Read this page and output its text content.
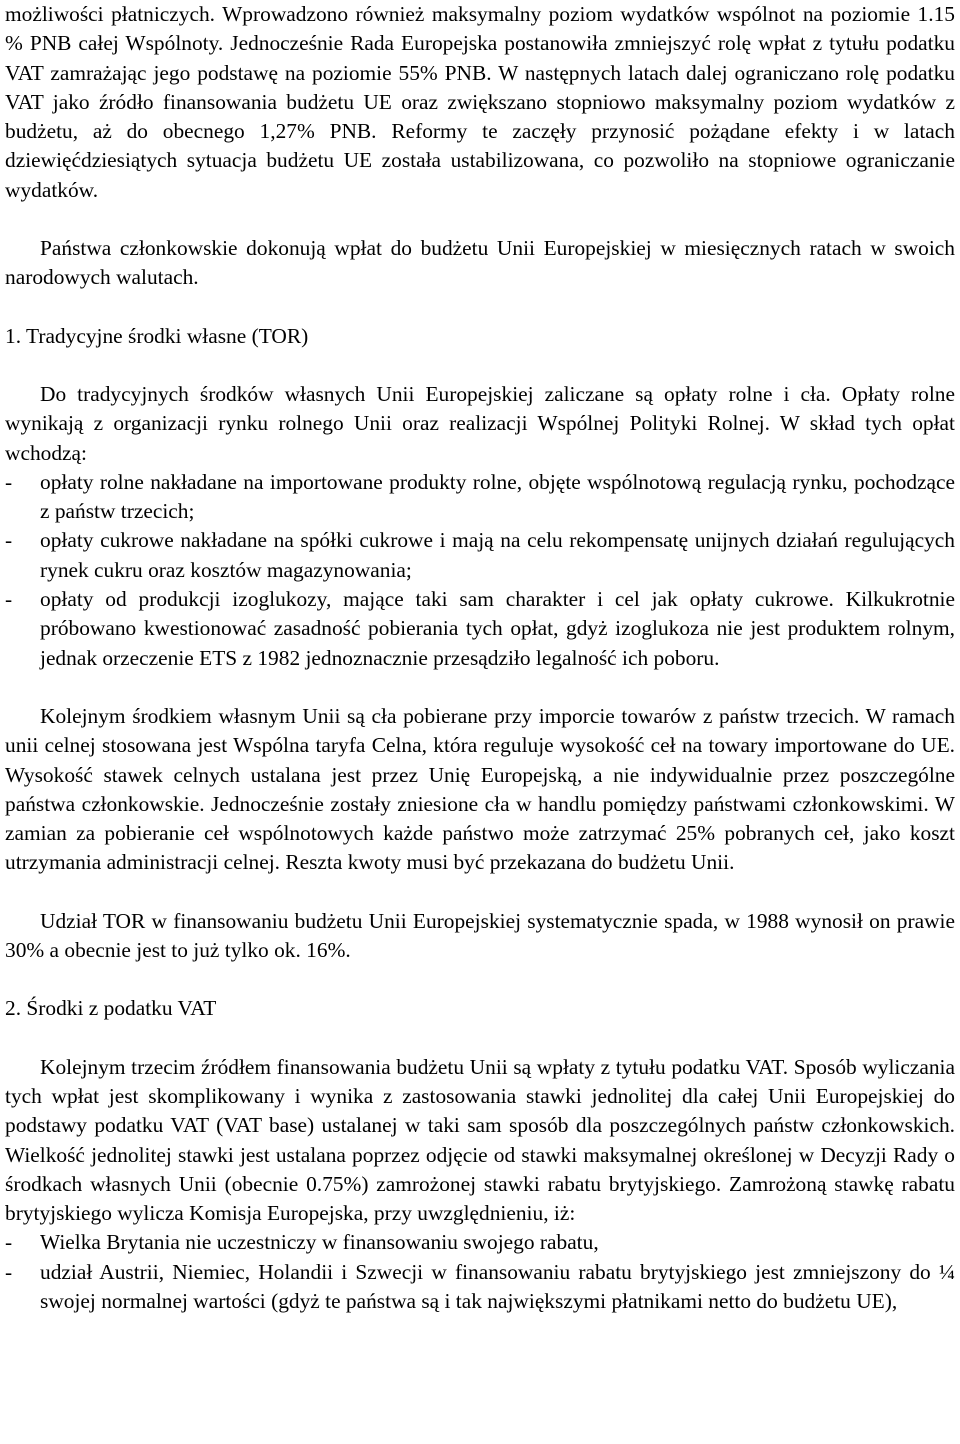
możliwości płatniczych. Wprowadzono również maksymalny poziom wydatków wspólnot na poziomie 1.15 % PNB całej Wspólnoty. Jednocześnie Rada Europejska postanowiła zmniejszyć rolę wpłat z tytułu podatku VAT zamrażając jego podstawę na poziomie 55% PNB. W następnych latach dalej ograniczano rolę podatku VAT jako źródło finansowania budżetu UE oraz zwiększano stopniowo maksymalny poziom wydatków z budżetu, aż do obecnego 1,27% PNB. Reformy te zaczęły przynosić pożądane efekty i w latach dziewięćdziesiątych sytuacja budżetu UE została ustabilizowana, co pozwoliło na stopniowe ograniczanie wydatków.

Państwa członkowskie dokonują wpłat do budżetu Unii Europejskiej w miesięcznych ratach w swoich narodowych walutach.

1. Tradycyjne środki własne (TOR)

Do tradycyjnych środków własnych Unii Europejskiej zaliczane są opłaty rolne i cła. Opłaty rolne wynikają z organizacji rynku rolnego Unii oraz realizacji Wspólnej Polityki Rolnej. W skład tych opłat wchodzą:

- opłaty rolne nakładane na importowane produkty rolne, objęte wspólnotową regulacją rynku, pochodzące z państw trzecich;
- opłaty cukrowe nakładane na spółki cukrowe i mają na celu rekompensatę unijnych działań regulujących rynek cukru oraz kosztów magazynowania;
- opłaty od produkcji izoglukozy, mające taki sam charakter i cel jak opłaty cukrowe. Kilkukrotnie próbowano kwestionować zasadność pobierania tych opłat, gdyż izoglukoza nie jest produktem rolnym, jednak orzeczenie ETS z 1982 jednoznacznie przesądziło legalność ich poboru.

Kolejnym środkiem własnym Unii są cła pobierane przy imporcie towarów z państw trzecich. W ramach unii celnej stosowana jest Wspólna taryfa Celna, która reguluje wysokość ceł na towary importowane do UE. Wysokość stawek celnych ustalana jest przez Unię Europejską, a nie indywidualnie przez poszczególne państwa członkowskie. Jednocześnie zostały zniesione cła w handlu pomiędzy państwami członkowskimi. W zamian za pobieranie ceł wspólnotowych każde państwo może zatrzymać 25% pobranych ceł, jako koszt utrzymania administracji celnej. Reszta kwoty musi być przekazana do budżetu Unii.

Udział TOR w finansowaniu budżetu Unii Europejskiej systematycznie spada, w 1988 wynosił on prawie 30% a obecnie jest to już tylko ok. 16%.

2. Środki z podatku VAT

Kolejnym trzecim źródłem finansowania budżetu Unii są wpłaty z tytułu podatku VAT. Sposób wyliczania tych wpłat jest skomplikowany i wynika z zastosowania stawki jednolitej dla całej Unii Europejskiej do podstawy podatku VAT (VAT base) ustalanej w taki sam sposób dla poszczególnych państw członkowskich. Wielkość jednolitej stawki jest ustalana poprzez odjęcie od stawki maksymalnej określonej w Decyzji Rady o środkach własnych Unii (obecnie 0.75%) zamrożonej stawki rabatu brytyjskiego. Zamrożoną stawkę rabatu brytyjskiego wylicza Komisja Europejska, przy uwzględnieniu, iż:

- Wielka Brytania nie uczestniczy w finansowaniu swojego rabatu,
- udział Austrii, Niemiec, Holandii i Szwecji w finansowaniu rabatu brytyjskiego jest zmniejszony do ¼ swojej normalnej wartości (gdyż te państwa są i tak największymi płatnikami netto do budżetu UE),
